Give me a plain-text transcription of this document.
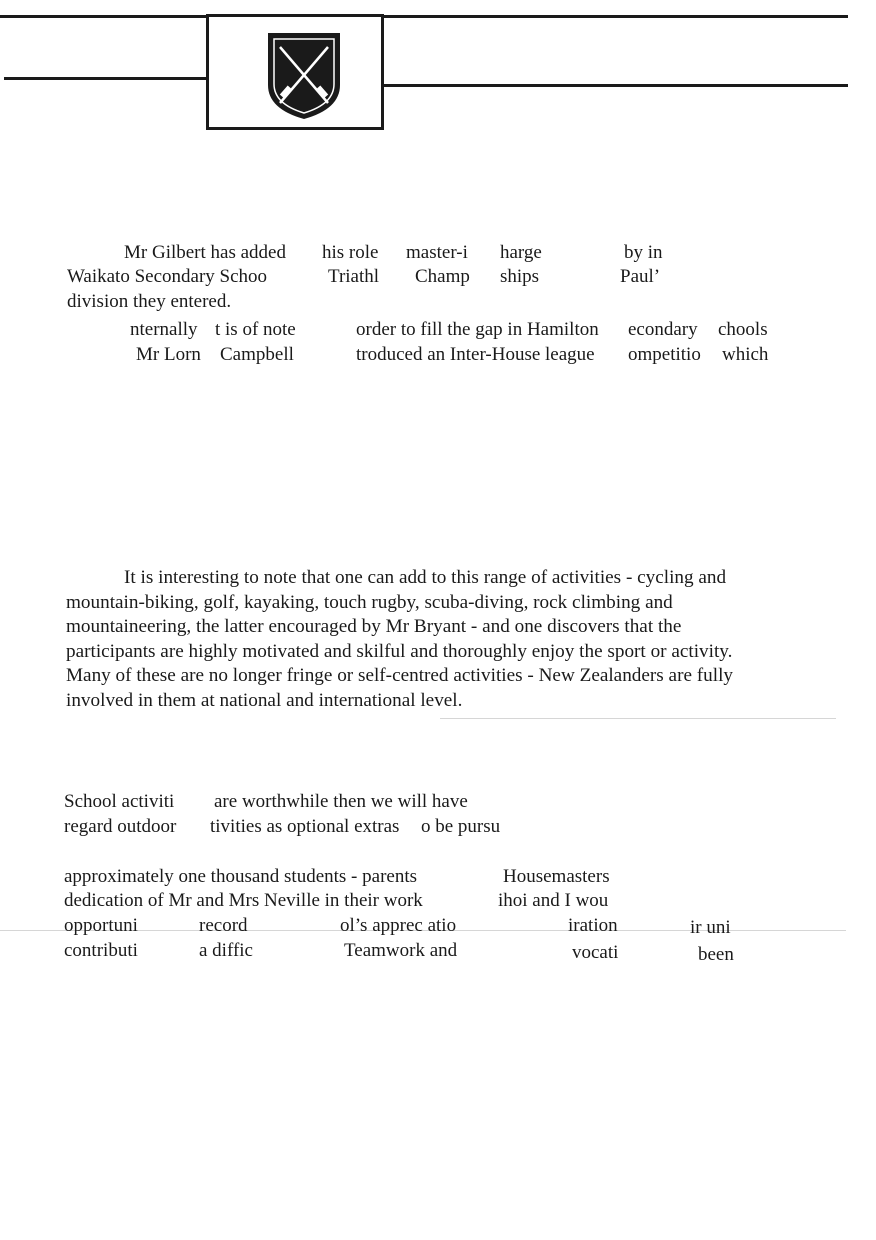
Mr Gilbert has added his role master-i harge	by in
Waikato Secondary Schoo	Triathl Champ ships	Paul’
division they entered.
nternally t is of note	order to fill the gap in Hamilton econdary chools
Mr Lorn Campbell	troduced an Inter-House league ompetitio which
It is interesting to note that one can add to this range of activities - cycling and
mountain-biking, golf, kayaking, touch rugby, scuba-diving, rock climbing and
mountaineering, the latter encouraged by Mr Bryant - and one discovers that the
participants are highly motivated and skilful and thoroughly enjoy the sport or activity.
Many of these are no longer fringe or self-centred activities - New Zealanders are fully
involved in them at national and international level.
School activiti are worthwhile then we will have
regard outdoor tivities as optional extras o be pursu
approximately one thousand students - parents	Housemasters
dedication of Mr and Mrs Neville in their work	ihoi and I wou
opportuni	record	ol’s apprec atio	iration	ir uni
contributi	a diffic	Teamwork and	vocati	been
